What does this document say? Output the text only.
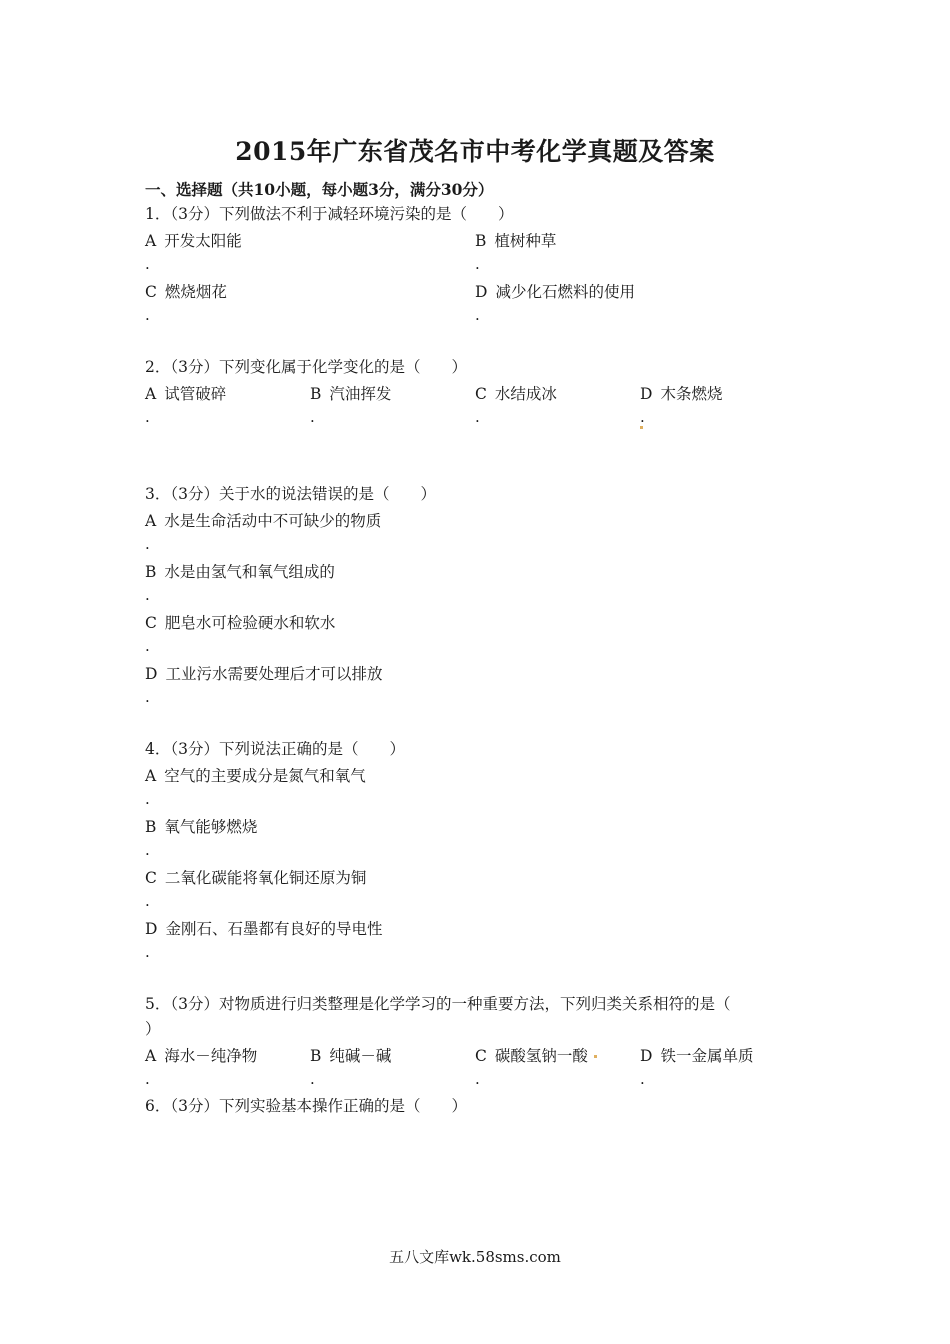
2015年广东省茂名市中考化学真题及答案
一、选择题（共10小题，每小题3分，满分30分）
1．（3分）下列做法不利于减轻环境污染的是（　　）
A 开发太阳能
.
B 植树种草
.
C 燃烧烟花
.
D 减少化石燃料的使用
.
2．（3分）下列变化属于化学变化的是（　　）
A 试管破碎
.
B 汽油挥发
.
C 水结成冰
.
D 木条燃烧
.
3．（3分）关于水的说法错误的是（　　）
A 水是生命活动中不可缺少的物质
.
B 水是由氢气和氧气组成的
.
C 肥皂水可检验硬水和软水
.
D 工业污水需要处理后才可以排放
.
4．（3分）下列说法正确的是（　　）
A 空气的主要成分是氮气和氧气
.
B 氧气能够燃烧
.
C 二氧化碳能将氧化铜还原为铜
.
D 金刚石、石墨都有良好的导电性
.
5．（3分）对物质进行归类整理是化学学习的一种重要方法，下列归类关系相符的是（
）
A 海水－纯净物
.
B 纯碱－碱
.
C 碳酸氢钠一酸
.
D 铁一金属单质
.
6．（3分）下列实验基本操作正确的是（　　）
五八文库wk.58sms.com
